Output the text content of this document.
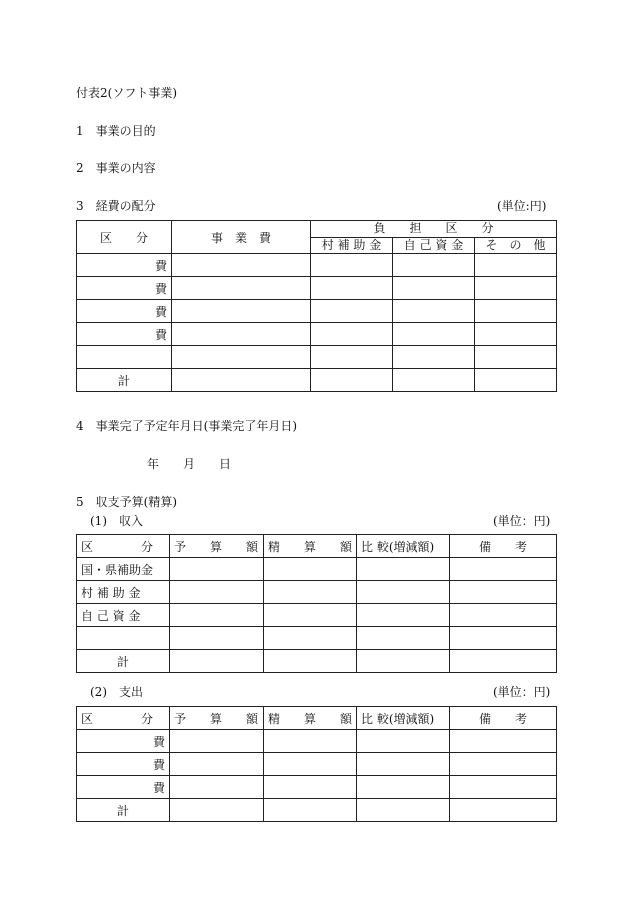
付表2(ソフト事業)
1　事業の目的
2　事業の内容
3　経費の配分	(単位:円)
区　　分	事　業　費	負　　担　　区　　分		
		村 補 助 金	自 己 資 金	そ　の　他
費				
費				
費				
費				

計				
4　事業完了予定年月日(事業完了年月日)
年　　月　　日
5　収支予算(精算)
(1)　収入	(単位：円)
区　　　　分	予　　算　　額	精　　算　　額	比 較(増減額)	備　　考
国・県補助金				
村 補 助 金				
自 己 資 金				

計				
(2)　支出	(単位：円)
区　　　　分	予　　算　　額	精　　算　　額	比 較(増減額)	備　　考
費				
費				
費				
計				
